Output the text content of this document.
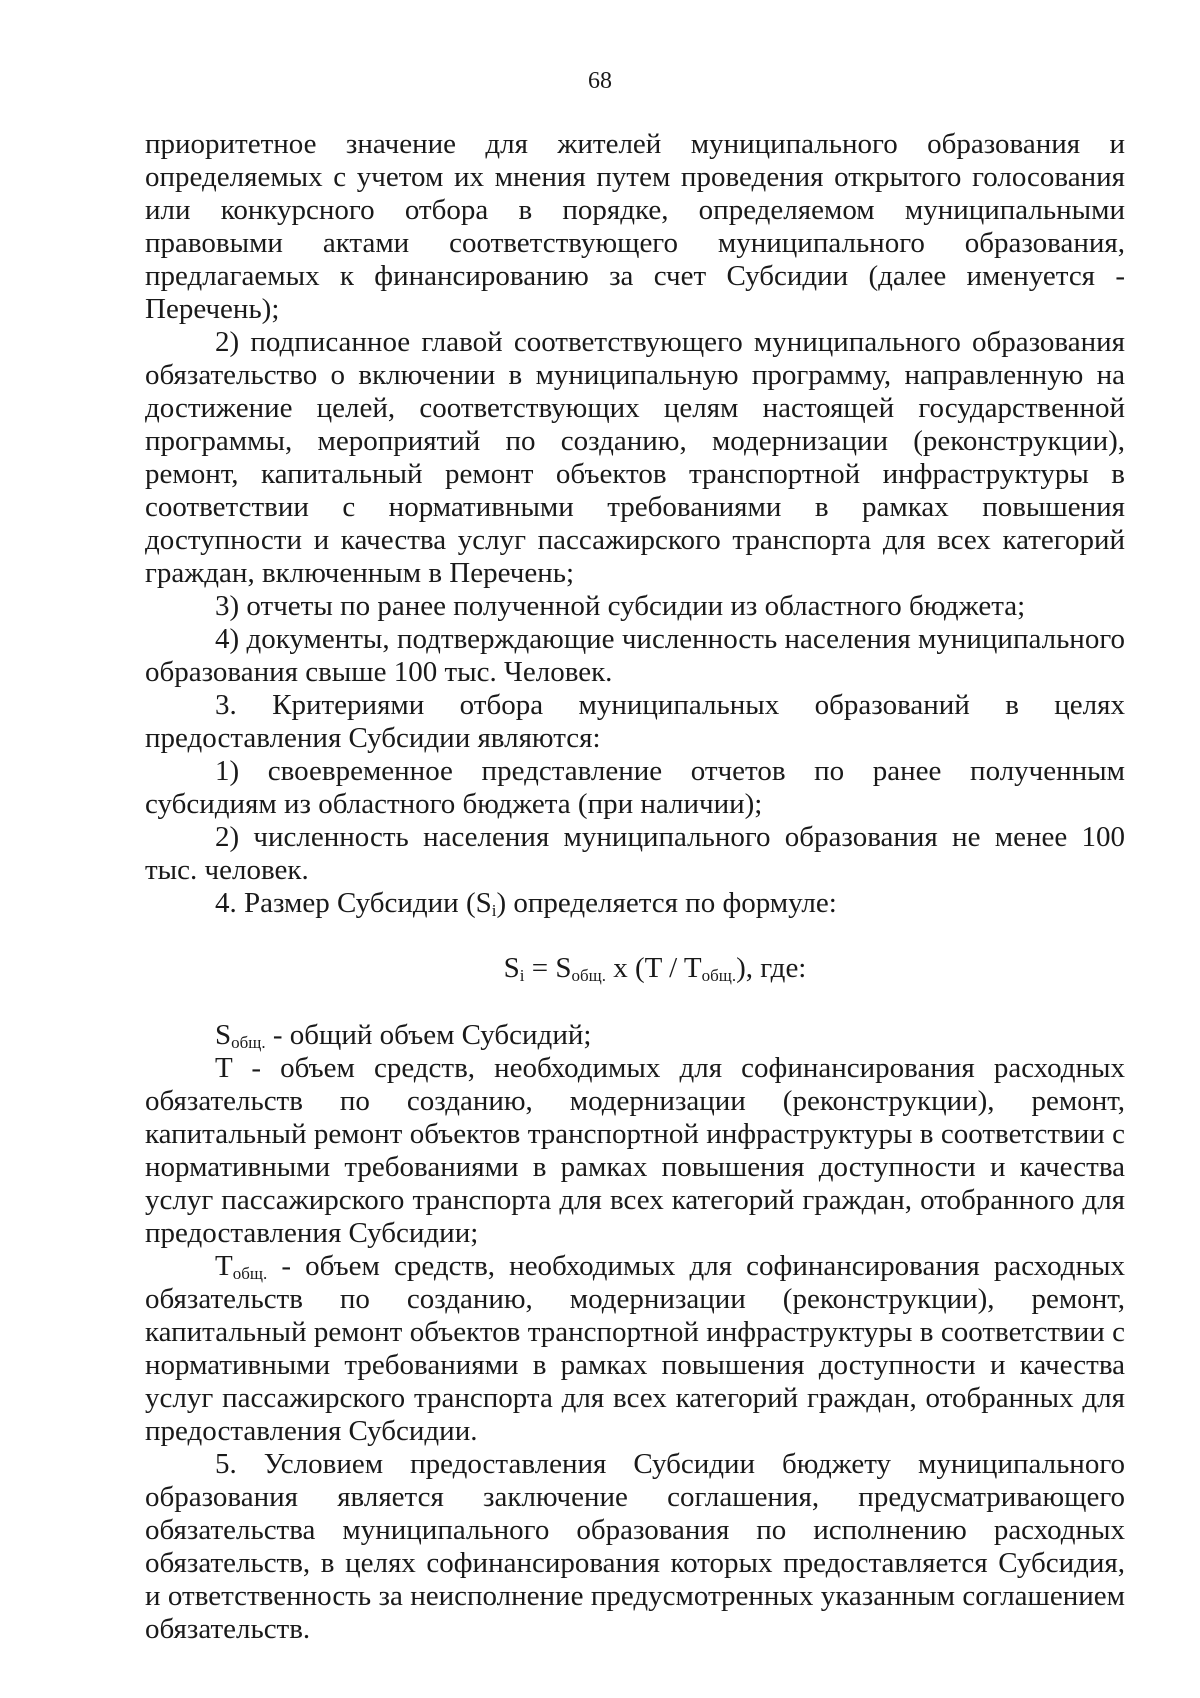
68

приоритетное значение для жителей муниципального образования и определяемых с учетом их мнения путем проведения открытого голосования или конкурсного отбора в порядке, определяемом муниципальными правовыми актами соответствующего муниципального образования, предлагаемых к финансированию за счет Субсидии (далее именуется - Перечень);

2) подписанное главой соответствующего муниципального образования обязательство о включении в муниципальную программу, направленную на достижение целей, соответствующих целям настоящей государственной программы, мероприятий по созданию, модернизации (реконструкции), ремонт, капитальный ремонт объектов транспортной инфраструктуры в соответствии с нормативными требованиями в рамках повышения доступности и качества услуг пассажирского транспорта для всех категорий граждан, включенным в Перечень;

3) отчеты по ранее полученной субсидии из областного бюджета;

4) документы, подтверждающие численность населения муниципального образования свыше 100 тыс. Человек.

3. Критериями отбора муниципальных образований в целях предоставления Субсидии являются:

1) своевременное представление отчетов по ранее полученным субсидиям из областного бюджета (при наличии);

2) численность населения муниципального образования не менее 100 тыс. человек.

4. Размер Субсидии $(S_i)$ определяется по формуле:

$S_i = S_{общ.}$ x $(T / T_{общ.})$, где:

$S_{общ.}$ - общий объем Субсидий;

T - объем средств, необходимых для софинансирования расходных обязательств по созданию, модернизации (реконструкции), ремонт, капитальный ремонт объектов транспортной инфраструктуры в соответствии с нормативными требованиями в рамках повышения доступности и качества услуг пассажирского транспорта для всех категорий граждан, отобранного для предоставления Субсидии;

$T_{общ.}$ - объем средств, необходимых для софинансирования расходных обязательств по созданию, модернизации (реконструкции), ремонт, капитальный ремонт объектов транспортной инфраструктуры в соответствии с нормативными требованиями в рамках повышения доступности и качества услуг пассажирского транспорта для всех категорий граждан, отобранных для предоставления Субсидии.

5. Условием предоставления Субсидии бюджету муниципального образования является заключение соглашения, предусматривающего обязательства муниципального образования по исполнению расходных обязательств, в целях софинансирования которых предоставляется Субсидия, и ответственность за неисполнение предусмотренных указанным соглашением обязательств.
